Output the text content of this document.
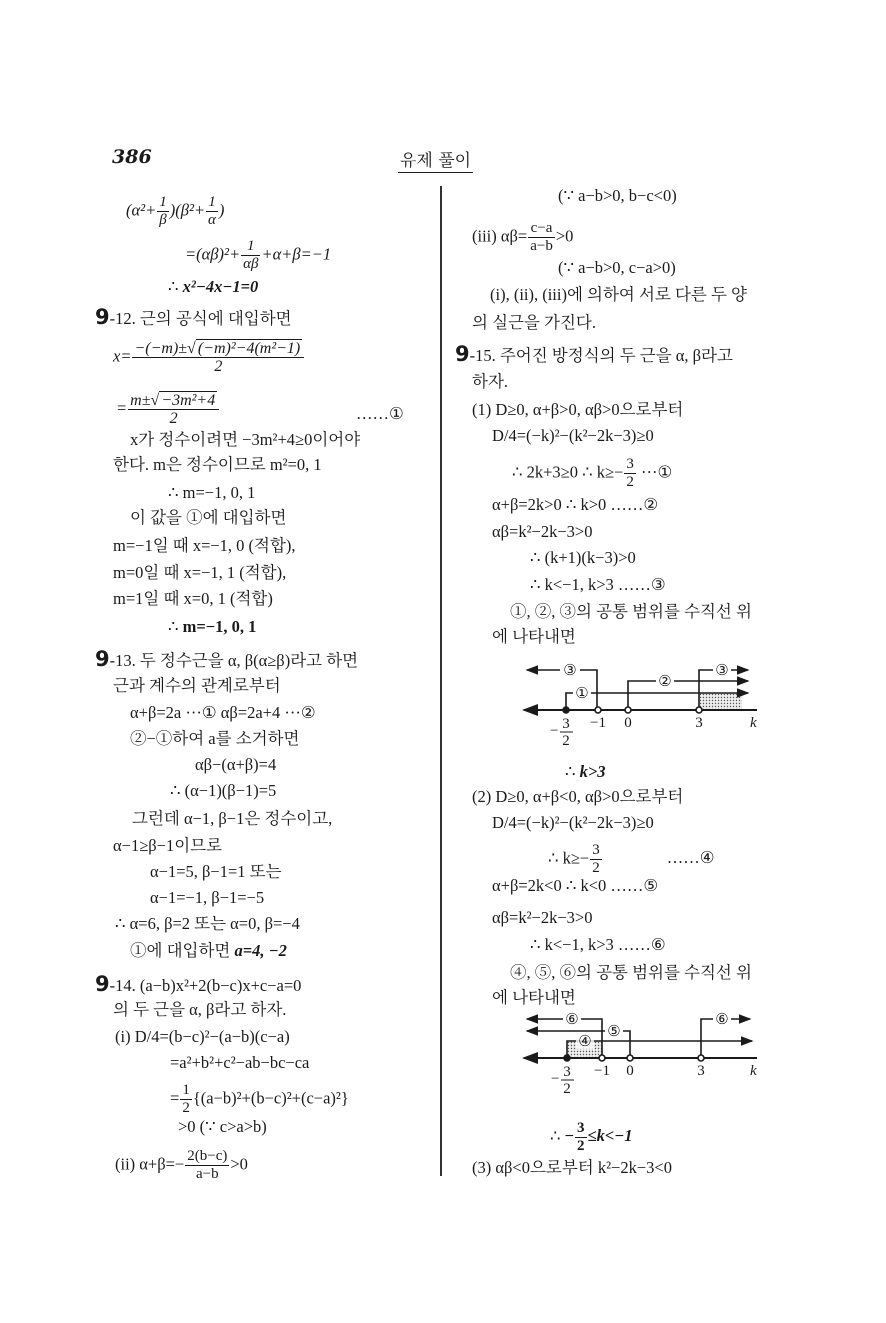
386	유제 풀이
$(\alpha^2+ \frac{1}{\beta} )(\beta^2+ \frac{1}{\alpha}$ )
$=(\alpha\beta)^2+ \frac{1}{\alpha\beta} +\alpha+\beta=-1$
∴ x²−4x−1=0
9-12. 근의 공식에 대입하면
$x= \frac{\text{−(−m)±√ (−m)²−4(m²−1)}}{2}$
= $\frac{\text{m±√ −3m²+4}}{2}$	……①
x가 정수이려면 −3m²+4≥0이어야
한다. m은 정수이므로 m²=0, 1
∴ m=−1, 0, 1
이 값을 ①에 대입하면
m=−1일 때 x=−1, 0 (적합),
m=0일 때 x=−1, 1 (적합),
m=1일 때 x=0, 1 (적합)
∴ m=−1, 0, 1
9-13. 두 정수근을 α, β(α≥β)라고 하면
근과 계수의 관계로부터
α+β=2a ···① αβ=2a+4 ···②
②−①하여 a를 소거하면
αβ−(α+β)=4
∴ (α−1)(β−1)=5
그런데 α−1, β−1은 정수이고,
α−1≥β−1이므로
α−1=5, β−1=1 또는
α−1=−1, β−1=−5
∴ α=6, β=2 또는 α=0, β=−4
①에 대입하면 a=4, −2
9-14. (a−b)x²+2(b−c)x+c−a=0
의 두 근을 α, β라고 하자.
(i) D/4=(b−c)²−(a−b)(c−a)
=a²+b²+c²−ab−bc−ca
= $\frac{1}{2} \{(a-b)^2+(b-c)^2+(c-a)^2\}$
>0 (∵ c>a>b)
(ii) $\alpha+\beta=- \frac{2(b-c)}{a-b} >0$
(∵ a−b>0, b−c<0)
(iii) $\alpha\beta= \frac{c-a}{a-b} >0$
(∵ a−b>0, c−a>0)
(i), (ii), (iii)에 의하여 서로 다른 두 양
의 실근을 가진다.
9-15. 주어진 방정식의 두 근을 α, β라고
하자.
(1) D≥0, α+β>0, αβ>0으로부터
D/4=(−k)²−(k²−2k−3)≥0
∴ 2k+3≥0 ∴ $k\ge- \frac{3}{2}$ ···①
α+β=2k>0 ∴ k>0 ……②
αβ=k²−2k−3>0
∴ (k+1)(k−3)>0
∴ k<−1, k>3 ……③
①, ②, ③의 공통 범위를 수직선 위
에 나타내면
③
①
②
③
−1 0	3	k
− 3
2
⑥
⑤
④
⑥
−1 0	3	k
− 3
2
∴ k>3
(2) D≥0, α+β<0, αβ>0으로부터
D/4=(−k)²−(k²−2k−3)≥0
∴ $k\ge- \frac{3}{2}$	……④
α+β=2k<0 ∴ k<0 ……⑤
αβ=k²−2k−3>0
∴ k<−1, k>3 ……⑥
④, ⑤, ⑥의 공통 범위를 수직선 위
에 나타내면
∴ − $\frac{3}{2} \le k<-1$
(3) αβ<0으로부터 k²−2k−3<0
